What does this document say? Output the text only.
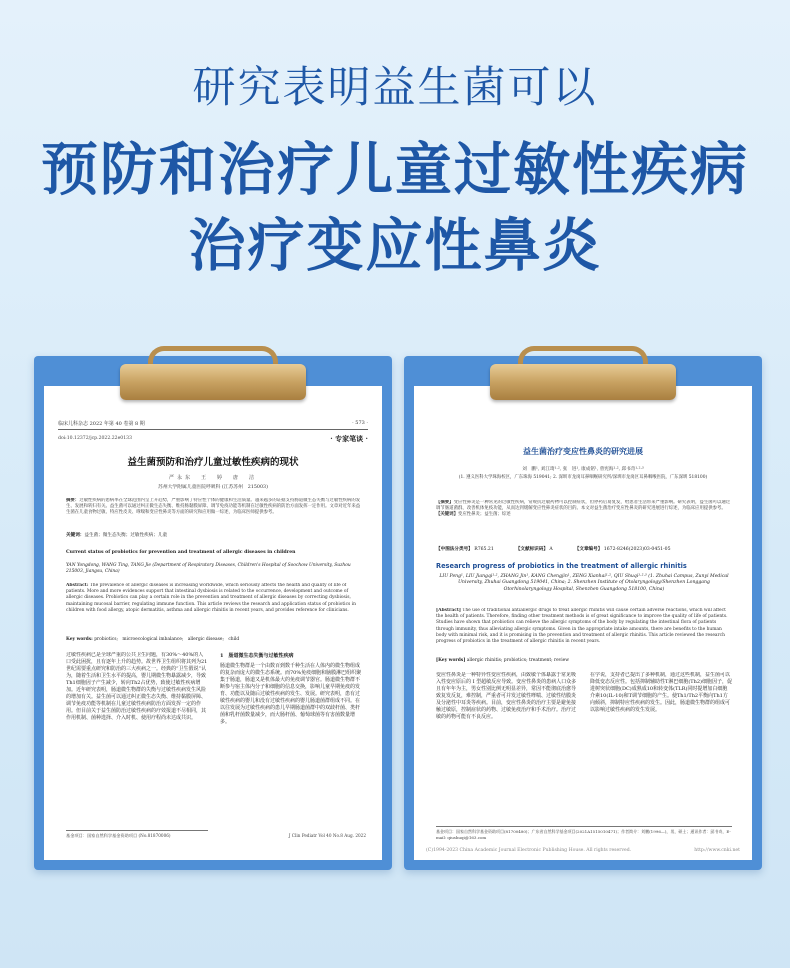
研究表明益生菌可以
预防和治疗儿童过敏性疾病
治疗变应性鼻炎
临床儿科杂志 2022 年第 40 卷第 8 期	· 573 ·
doi:10.12372/jcp.2022.22e0133	· 专家笔谈 ·
益生菌预防和治疗儿童过敏性疾病的现状
严永东　王　婷　唐　洁
苏州大学附属儿童医院呼吸科 (江苏苏州　215003)
摘要：过敏性疾病的患病率在全球范围内呈上升趋势，严重影响了特应性个体的健康和生活质量。越来越多的证据支持肠道微生态失衡与过敏性疾病的发生、发展和转归有关。益生菌可以通过纠正微生态失衡、维持肠黏膜屏障、调节免疫功能等机制在过敏性疾病的防治方面发挥一定作用。文章对近年来益生菌在儿童食物过敏、特应性皮炎、哮喘和变应性鼻炎等方面的研究和应用做一综述，为临床医师提供参考。
关键词：益生菌；微生态失衡；过敏性疾病；儿童
Current status of probiotics for prevention and treatment of allergic diseases in children
YAN Yongdong, WANG Ting, TANG Jie (Department of Respiratory Diseases, Children's Hospital of Soochow University, Suzhou 215003, Jiangsu, China)
Abstract: The prevalence of allergic diseases is increasing worldwide, which seriously affects the health and quality of life of patients. More and more evidences support that intestinal dysbiosis is related to the occurrence, development and outcome of allergic diseases. Probiotics can play a certain role in the prevention and treatment of allergic diseases by correcting dysbiosis, maintaining mucosal barrier, regulating immune function. This article reviews the research and application status of probiotics in children with food allergy, atopic dermatitis, asthma and allergic rhinitis in recent years, and provides reference for clinicians.
Key words: probiotics;　microecological imbalance;　allergic disease;　child
过敏性疾病已是全球严重的公共卫生问题，有30%～40%的人口受此困扰，且有逐年上升的趋势。故世界卫生组织将其列为21世纪需要重点研究和防治的三大疾病之一。经典的“卫生假说”认为，随着生活和卫生水平的提高，婴儿期微生物暴露减少，导致Th1细胞因子产生减少，转向Th2占优势，致使过敏性疾病增加。近年研究表明，肠道微生物群的失衡与过敏性疾病发生风险的增加有关。益生菌可以通过纠正微生态失衡、维持黏膜屏障、调节免疫功能等机制在儿童过敏性疾病防治方面发挥一定的作用。但目前关于益生菌防治过敏性疾病的疗效报道不尽相同，其作用机制、菌种选择、介入时机、使用疗程尚未达成共识。
1　肠道微生态失衡与过敏性疾病
肠道微生物群是一个由数百到数千种生活在人体内的微生物组成的复杂而庞大的微生态系统。而70%免疫细胞和脑膜淋巴组织聚集于肠道，肠道又是机体最大的免疫调节器官。肠道微生物群不断参与宿主体内分子和细胞的信息交换，影响儿童早期免疫的发育、功能以及随后过敏性疾病的发生、发展。研究表明，患有过敏性疾病的婴儿和没有过敏性疾病的婴儿肠道菌群组成不同。在以往发展为过敏性疾病的患儿早期肠道菌群中的双歧杆菌、类杆菌和乳杆菌数量减少，而大肠杆菌、葡萄球菌等有害菌数量增多。
基金项目：国家自然科学基金资助项目 (No.81870006)	J Clin Pediatr Vol 40 No.8 Aug. 2022
益生菌治疗变应性鼻炎的研究进展
刘　鹏¹, 刘江琦¹·², 张　进¹, 康成铭¹, 曾宪海¹·², 邱书奇¹·²·³
(1. 遵义医科大学珠海校区，广东珠海 519041; 2. 深圳市龙岗耳鼻咽喉研究所/深圳市龙岗区耳鼻咽喉医院，广东深圳 518100)
【摘要】变应性鼻炎是一种常见的过敏性疾病，常规抗过敏药物可以控制症状，但停药后易复发，给患者生活带来严重影响。研究表明，益生菌可以通过调节肠道菌群，改善机体免疫功能，从而达到缓解变应性鼻炎症状的目的。本文对益生菌治疗变应性鼻炎的研究进展进行综述，为临床应用提供参考。
【关键词】变应性鼻炎；益生菌；综述
【中图法分类号】 R765.21	【文献标识码】 A	【文章编号】 1672-8246(2023)03-0451-05
Research progress of probiotics in the treatment of allergic rhinitis
LIU Peng¹, LIU Jiangqi¹·², ZHANG Jin¹, KANG Chengjin¹, ZENG Xianhai¹·², QIU Shuqi¹·²·³ (1. Zhuhai Campus, Zunyi Medical University, Zhuhai Guangdong 519041, China; 2. Shenzhen Institute of Otolaryngology/Shenzhen Longgang Otorhinolaryngology Hospital, Shenzhen Guangdong 518100, China)
[Abstract] The use of traditional antiallergic drugs to treat allergic rhinitis will cause certain adverse reactions, which will affect the health of patients. Therefore, finding other treatment methods is of great significance to improve the quality of life of patients. Studies have shown that probiotics can relieve the allergic symptoms of the body by regulating the intestinal flora of patients through immunity, thus alleviating allergic symptoms. Given in the appropriate intake amounts, there are benefits to the human body with minimal risk, and it is promising in the prevention and treatment of allergic rhinitis. This article reviewed the research progress of probiotics in the treatment of allergic rhinitis in recent years.
[Key words] allergic rhinitis; probiotics; treatment; review
变应性鼻炎是一种特异性变应性疾病，由致敏个体暴露于常见吸入性变应原后的 I 型超敏反应导致。变应性鼻炎的患病人口众多且有年年为主，男女性别比例无明显差异，常因不能彻底治愈导致复发反复，难控制，严重者可并发过敏性哮喘、过敏性结膜炎及分泌性中耳炎等疾病。目前，变应性鼻炎的治疗主要是避免接触过敏原，控制症状的药物、过敏免疫治疗和手术治疗。治疗过敏的药物可能有不良反应。
在学说，支持者已提出了多种机制，通过这些机制，益生菌可以降低变态反应性。包括抑制辅助性T淋巴细胞(Th2)细胞因子，促进树突状细胞(DC)成熟成10和转变体(TLR)同时提增加白细胞介素10(IL-10)和T调节细胞的产生。使Th1/Th2平衡向Th1方向倾斜，抑制特应性疾病的发生。因此，肠道微生物群的组成可以影响过敏性疾病的发生发展。
基金项目：国家自然科学基金资助项目(81700480)；广东省自然科学基金项目(2021A1515010471)；作者简介：刘鹏(1996—)，男，硕士；通讯作者：邱书奇，E-mail: qiushuqi@163.com
(C)1994-2023 China Academic Journal Electronic Publishing House. All rights reserved.	http://www.cnki.net
